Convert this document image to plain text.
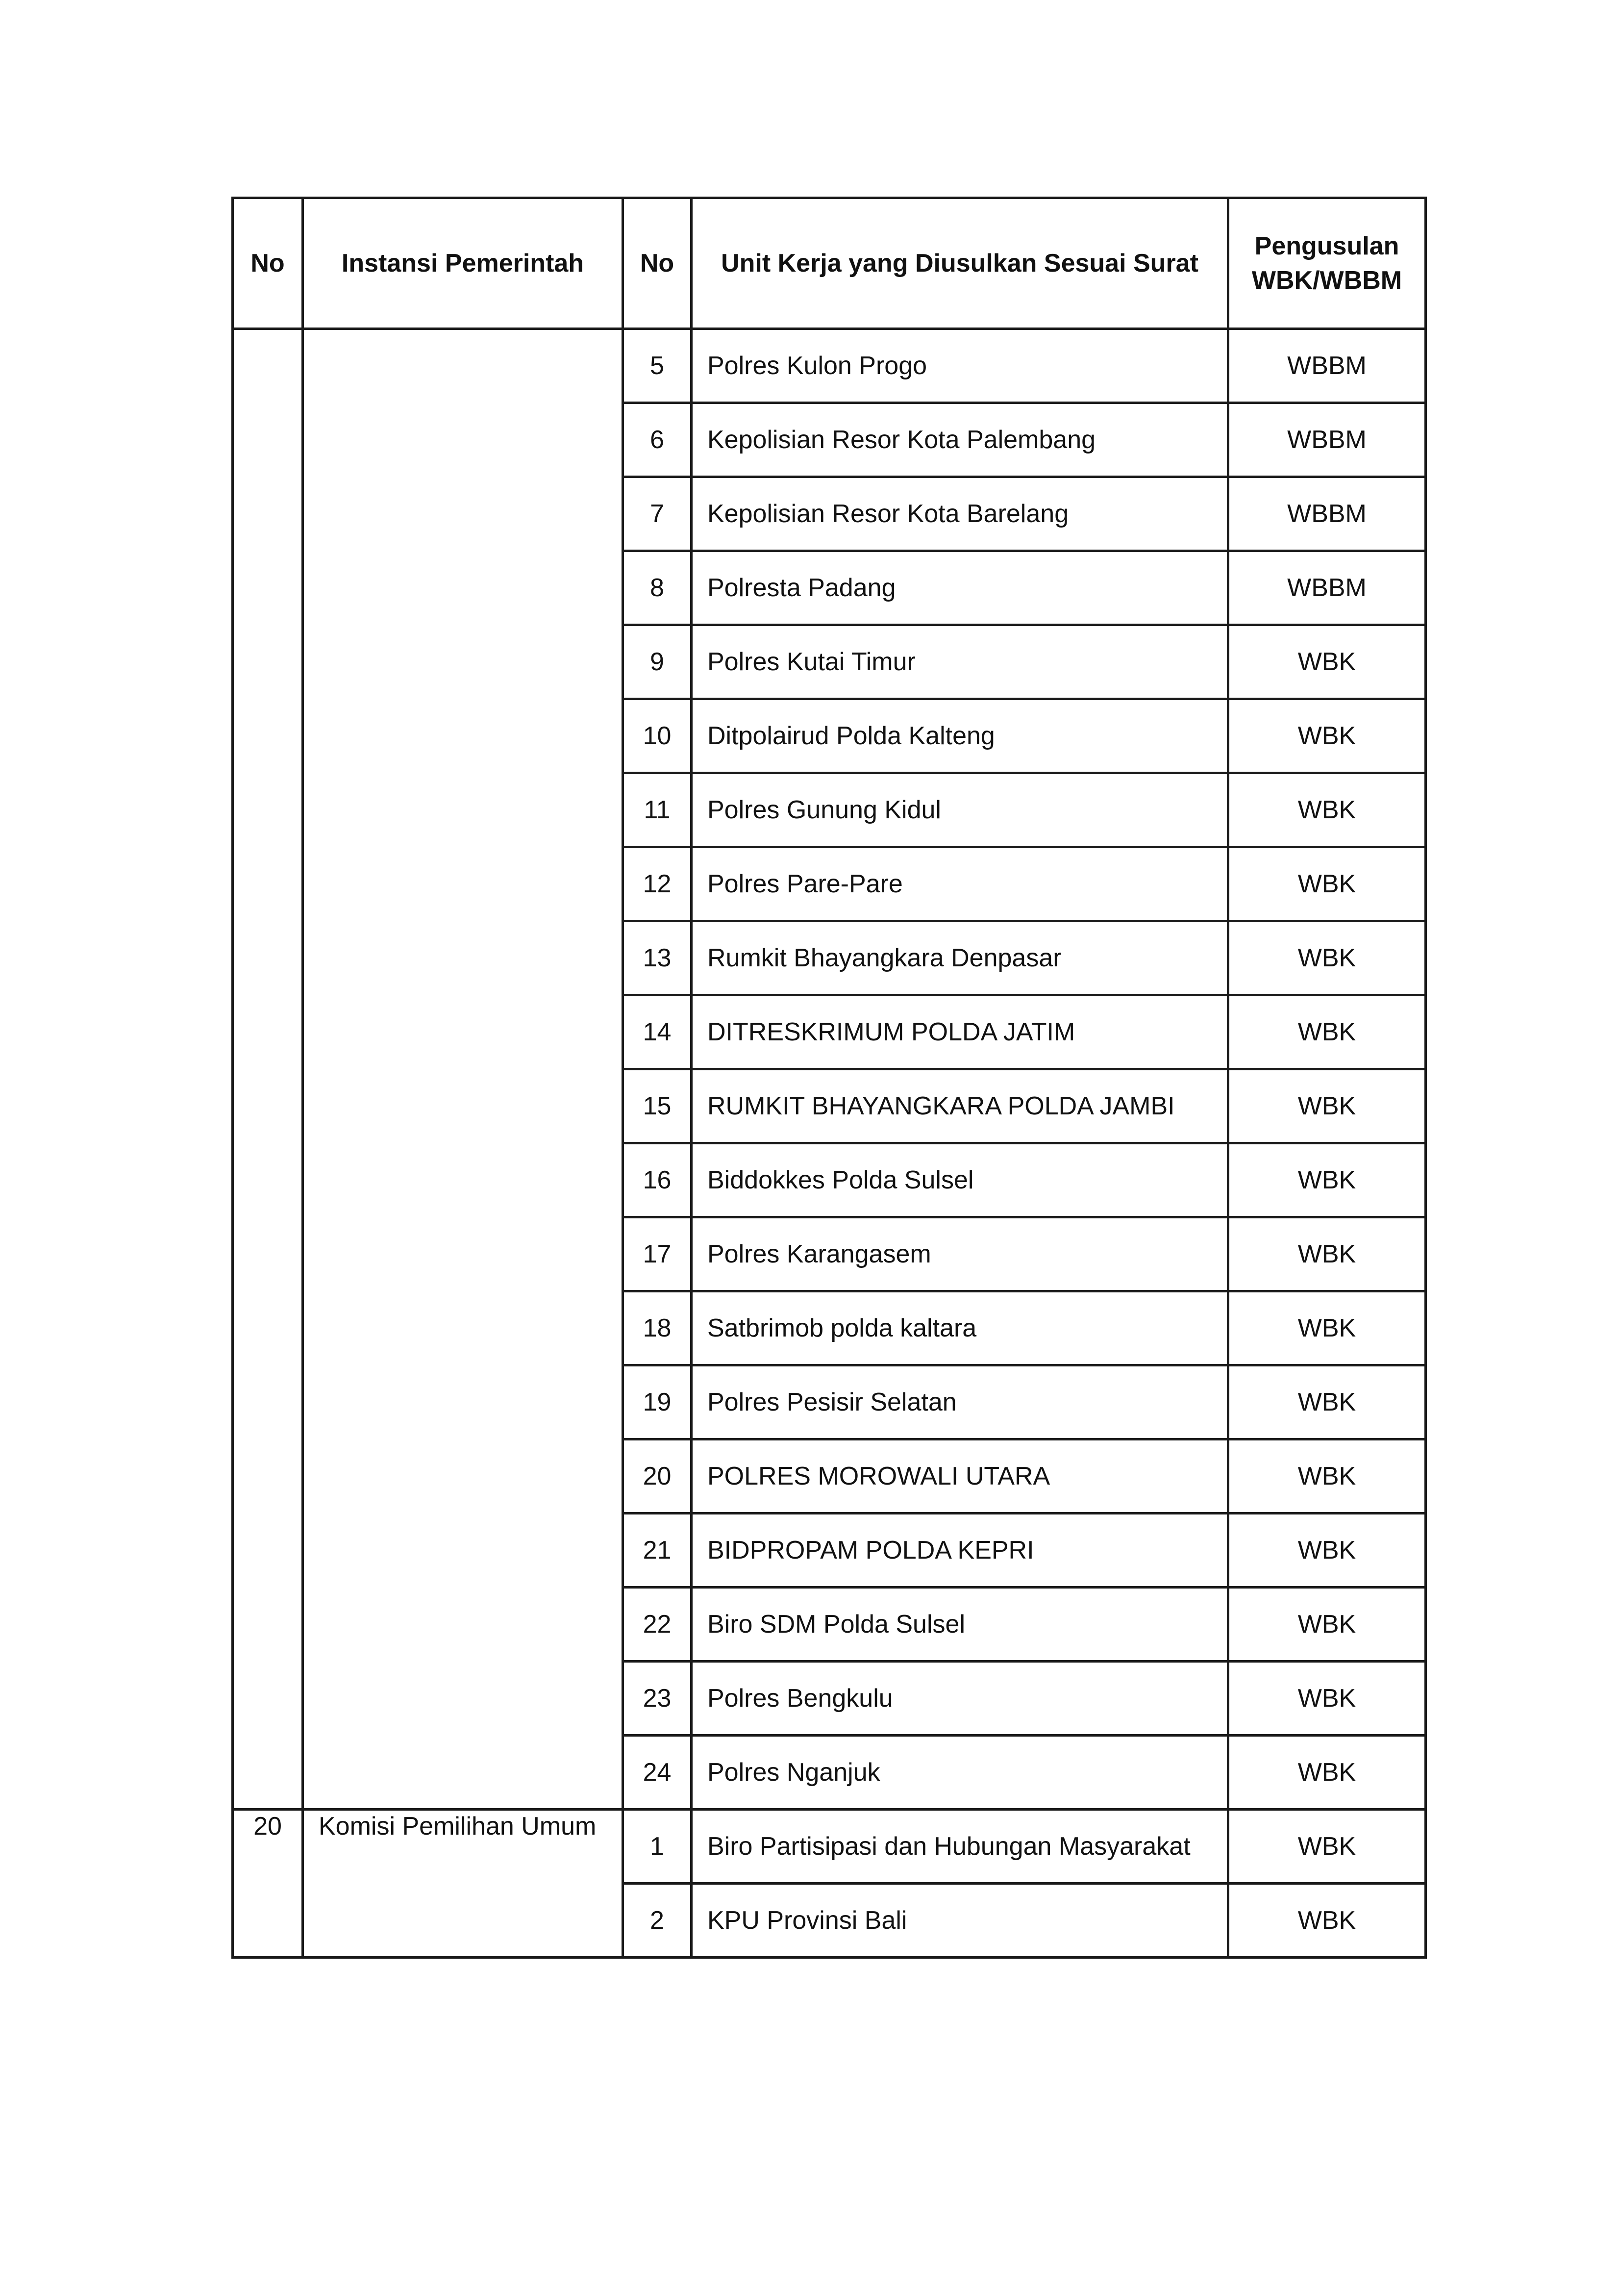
No	Instansi Pemerintah	No	Unit Kerja yang Diusulkan Sesuai Surat	Pengusulan
WBK/WBBM

		5	Polres Kulon Progo	WBBM
		6	Kepolisian Resor Kota Palembang	WBBM
		7	Kepolisian Resor Kota Barelang	WBBM
		8	Polresta Padang	WBBM
		9	Polres Kutai Timur	WBK
		10	Ditpolairud Polda Kalteng	WBK
		11	Polres Gunung Kidul	WBK
		12	Polres Pare-Pare	WBK
		13	Rumkit Bhayangkara Denpasar	WBK
		14	DITRESKRIMUM POLDA JATIM	WBK
		15	RUMKIT BHAYANGKARA POLDA JAMBI	WBK
		16	Biddokkes Polda Sulsel	WBK
		17	Polres Karangasem	WBK
		18	Satbrimob polda kaltara	WBK
		19	Polres Pesisir Selatan	WBK
		20	POLRES MOROWALI UTARA	WBK
		21	BIDPROPAM POLDA KEPRI	WBK
		22	Biro SDM Polda Sulsel	WBK
		23	Polres Bengkulu	WBK
		24	Polres Nganjuk	WBK
20	Komisi Pemilihan Umum	1	Biro Partisipasi dan Hubungan Masyarakat	WBK
		2	KPU Provinsi Bali	WBK
